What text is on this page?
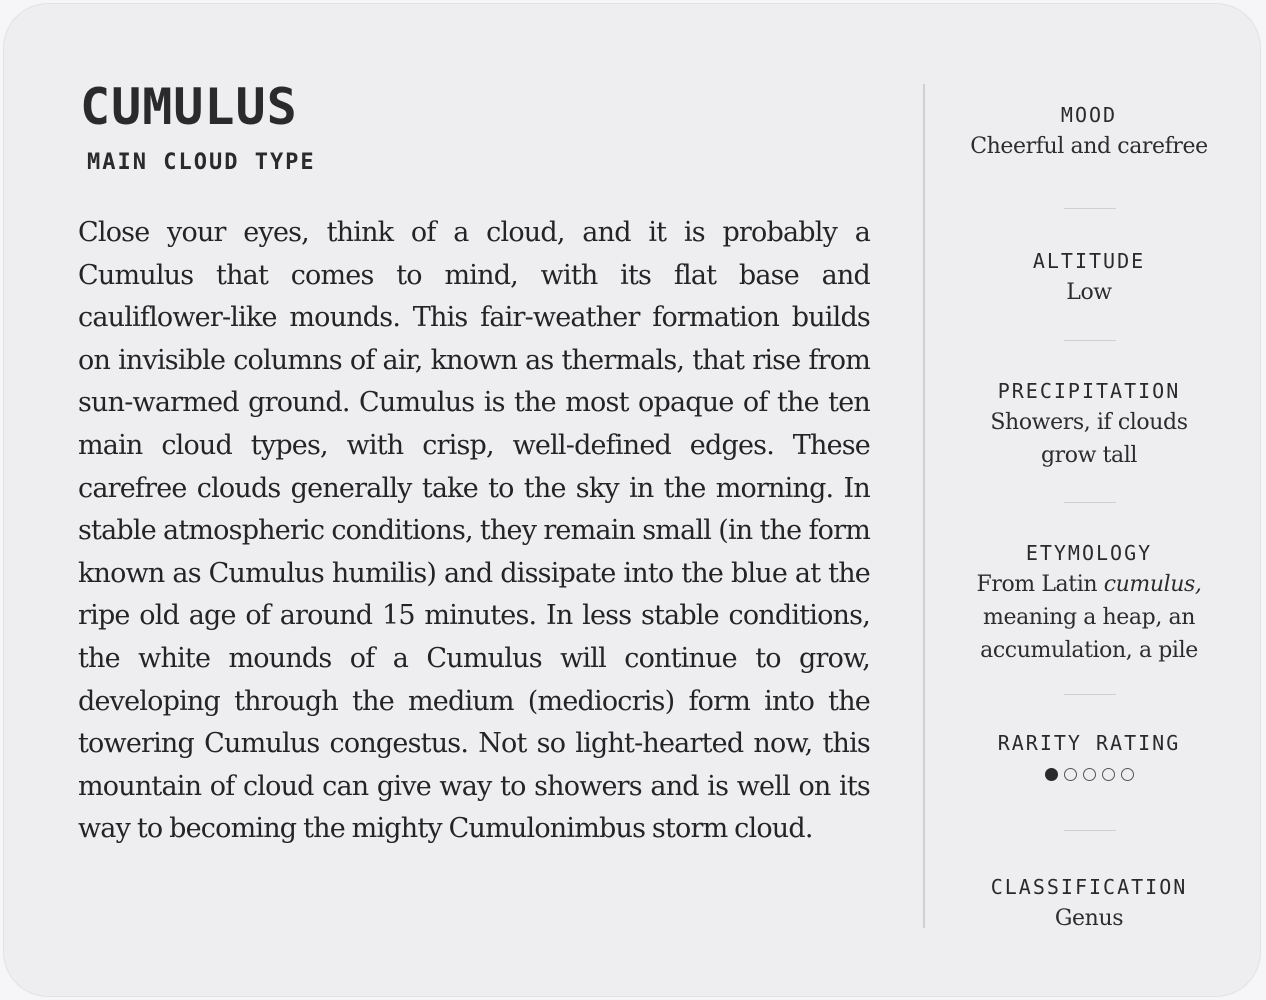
CUMULUS
MAIN CLOUD TYPE

Close your eyes, think of a cloud, and it is probably a Cumulus that comes to mind, with its flat base and cauliflower-like mounds. This fair-weather formation builds on invisible columns of air, known as thermals, that rise from sun-warmed ground. Cumulus is the most opaque of the ten main cloud types, with crisp, well-defined edges. These carefree clouds generally take to the sky in the morning. In stable atmospheric conditions, they remain small (in the form known as Cumulus humilis) and dissipate into the blue at the ripe old age of around 15 minutes. In less stable conditions, the white mounds of a Cumulus will continue to grow, developing through the medium (mediocris) form into the towering Cumulus congestus. Not so light-hearted now, this mountain of cloud can give way to showers and is well on its way to becoming the mighty Cumulonimbus storm cloud.

MOOD

Cheerful and carefree

ALTITUDE

Low

PRECIPITATION

Showers, if clouds

grow tall

ETYMOLOGY

From Latin cumulus,

meaning a heap, an

accumulation, a pile

RARITY RATING

CLASSIFICATION

Genus
